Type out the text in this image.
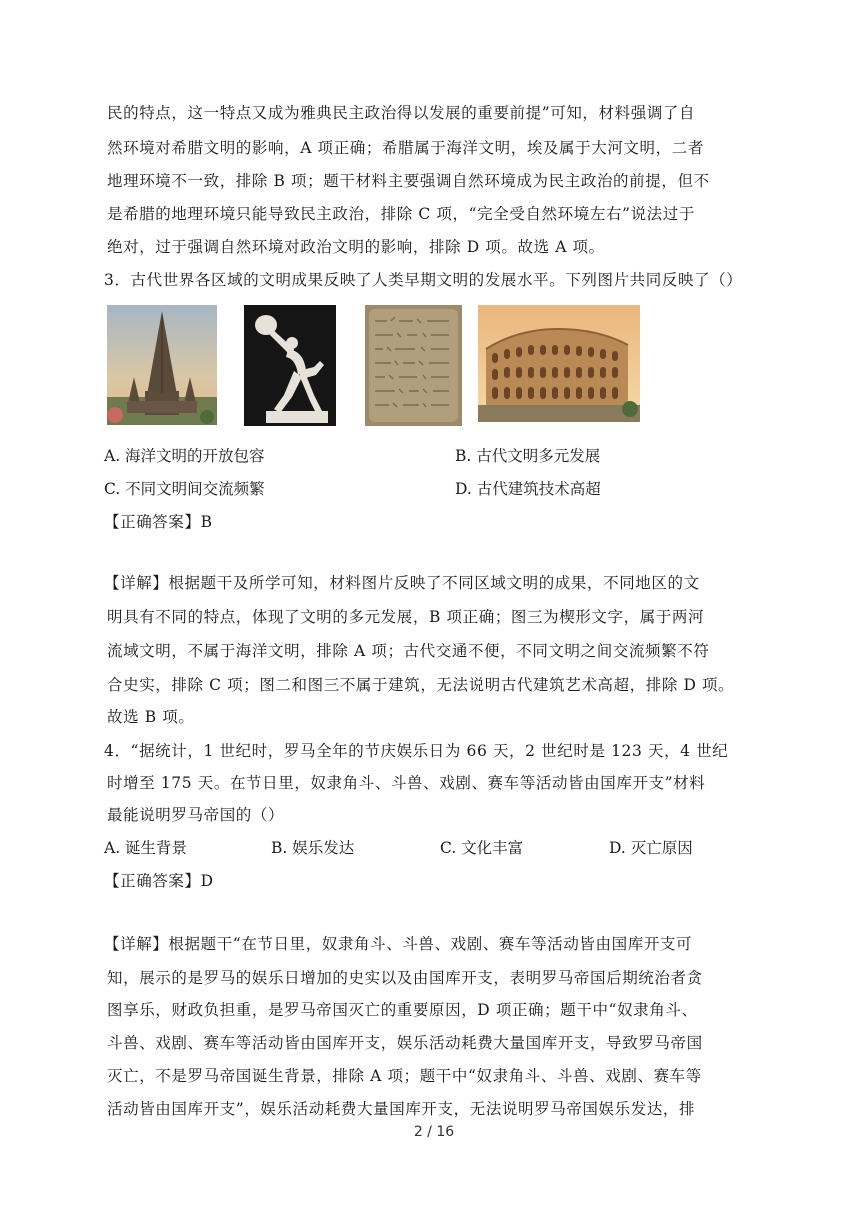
民的特点，这一特点又成为雅典民主政治得以发展的重要前提”可知，材料强调了自
然环境对希腊文明的影响，A 项正确；希腊属于海洋文明，埃及属于大河文明，二者
地理环境不一致，排除 B 项；题干材料主要强调自然环境成为民主政治的前提，但不
是希腊的地理环境只能导致民主政治，排除 C 项，“完全受自然环境左右”说法过于
绝对，过于强调自然环境对政治文明的影响，排除 D 项。故选 A 项。
3．古代世界各区域的文明成果反映了人类早期文明的发展水平。下列图片共同反映了（）
A. 海洋文明的开放包容	B. 古代文明多元发展
C. 不同文明间交流频繁	D. 古代建筑技术高超
【正确答案】B
【详解】根据题干及所学可知，材料图片反映了不同区域文明的成果，不同地区的文
明具有不同的特点，体现了文明的多元发展，B 项正确；图三为楔形文字，属于两河
流域文明，不属于海洋文明，排除 A 项；古代交通不便，不同文明之间交流频繁不符
合史实，排除 C 项；图二和图三不属于建筑，无法说明古代建筑艺术高超，排除 D 项。
故选 B 项。
4．“据统计，1 世纪时，罗马全年的节庆娱乐日为 66 天，2 世纪时是 123 天，4 世纪
时增至 175 天。在节日里，奴隶角斗、斗兽、戏剧、赛车等活动皆由国库开支”材料
最能说明罗马帝国的（）
A. 诞生背景	B. 娱乐发达	C. 文化丰富	D. 灭亡原因
【正确答案】D
【详解】根据题干“在节日里，奴隶角斗、斗兽、戏剧、赛车等活动皆由国库开支可
知，展示的是罗马的娱乐日增加的史实以及由国库开支，表明罗马帝国后期统治者贪
图享乐，财政负担重，是罗马帝国灭亡的重要原因，D 项正确；题干中“奴隶角斗、
斗兽、戏剧、赛车等活动皆由国库开支，娱乐活动耗费大量国库开支，导致罗马帝国
灭亡，不是罗马帝国诞生背景，排除 A 项；题干中“奴隶角斗、斗兽、戏剧、赛车等
活动皆由国库开支”，娱乐活动耗费大量国库开支，无法说明罗马帝国娱乐发达，排
2 / 16
